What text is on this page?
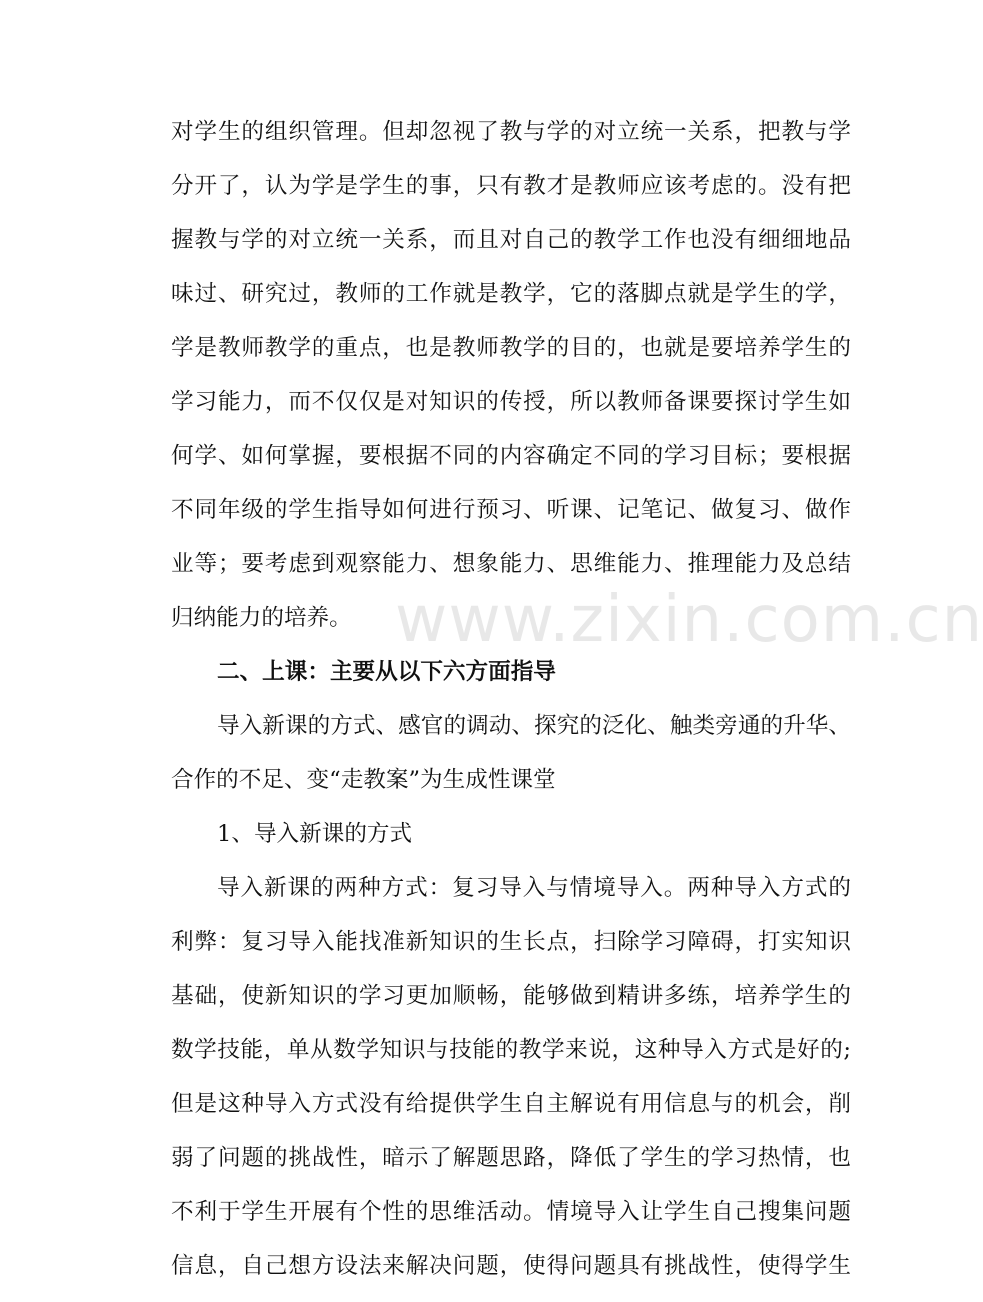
www.zixin.com.cn
对学生的组织管理。但却忽视了教与学的对立统一关系，把教与学
分开了，认为学是学生的事，只有教才是教师应该考虑的。没有把
握教与学的对立统一关系，而且对自己的教学工作也没有细细地品
味过、研究过，教师的工作就是教学，它的落脚点就是学生的学，
学是教师教学的重点，也是教师教学的目的，也就是要培养学生的
学习能力，而不仅仅是对知识的传授，所以教师备课要探讨学生如
何学、如何掌握，要根据不同的内容确定不同的学习目标；要根据
不同年级的学生指导如何进行预习、听课、记笔记、做复习、做作
业等；要考虑到观察能力、想象能力、思维能力、推理能力及总结
归纳能力的培养。
二、上课：主要从以下六方面指导
导入新课的方式、感官的调动、探究的泛化、触类旁通的升华、
合作的不足、变“走教案”为生成性课堂
1、导入新课的方式
导入新课的两种方式：复习导入与情境导入。两种导入方式的
利弊：复习导入能找准新知识的生长点，扫除学习障碍，打实知识
基础，使新知识的学习更加顺畅，能够做到精讲多练，培养学生的
数学技能，单从数学知识与技能的教学来说，这种导入方式是好的;
但是这种导入方式没有给提供学生自主解说有用信息与的机会，削
弱了问题的挑战性，暗示了解题思路，降低了学生的学习热情，也
不利于学生开展有个性的思维活动。情境导入让学生自己搜集问题
信息，自己想方设法来解决问题，使得问题具有挑战性，使得学生
